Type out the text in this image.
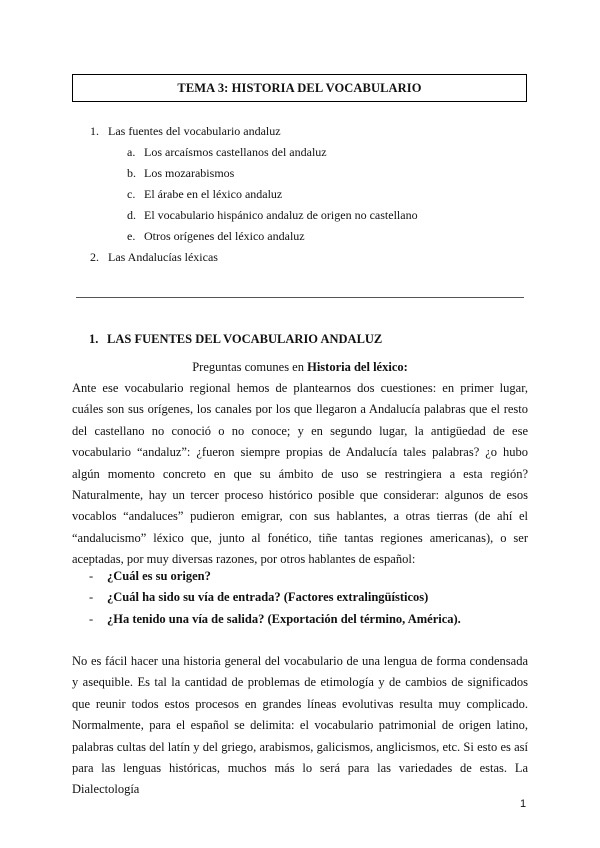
TEMA 3: HISTORIA DEL VOCABULARIO
1. Las fuentes del vocabulario andaluz
a. Los arcaísmos castellanos del andaluz
b. Los mozarabismos
c. El árabe en el léxico andaluz
d. El vocabulario hispánico andaluz de origen no castellano
e. Otros orígenes del léxico andaluz
2. Las Andalucías léxicas
1. LAS FUENTES DEL VOCABULARIO ANDALUZ
Preguntas comunes en Historia del léxico:

Ante ese vocabulario regional hemos de plantearnos dos cuestiones: en primer lugar, cuáles son sus orígenes, los canales por los que llegaron a Andalucía palabras que el resto del castellano no conoció o no conoce; y en segundo lugar, la antigüedad de ese vocabulario “andaluz”: ¿fueron siempre propias de Andalucía tales palabras? ¿o hubo algún momento concreto en que su ámbito de uso se restringiera a esta región? Naturalmente, hay un tercer proceso histórico posible que considerar: algunos de esos vocablos “andaluces” pudieron emigrar, con sus hablantes, a otras tierras (de ahí el “andalucismo” léxico que, junto al fonético, tiñe tantas regiones americanas), o ser aceptadas, por muy diversas razones, por otros hablantes de español:

- ¿Cuál es su origen?
- ¿Cuál ha sido su vía de entrada? (Factores extralingüísticos)
- ¿Ha tenido una vía de salida? (Exportación del término, América).

No es fácil hacer una historia general del vocabulario de una lengua de forma condensada y asequible. Es tal la cantidad de problemas de etimología y de cambios de significados que reunir todos estos procesos en grandes líneas evolutivas resulta muy complicado. Normalmente, para el español se delimita: el vocabulario patrimonial de origen latino, palabras cultas del latín y del griego, arabismos, galicismos, anglicismos, etc. Si esto es así para las lenguas históricas, muchos más lo será para las variedades de estas. La Dialectología

1
